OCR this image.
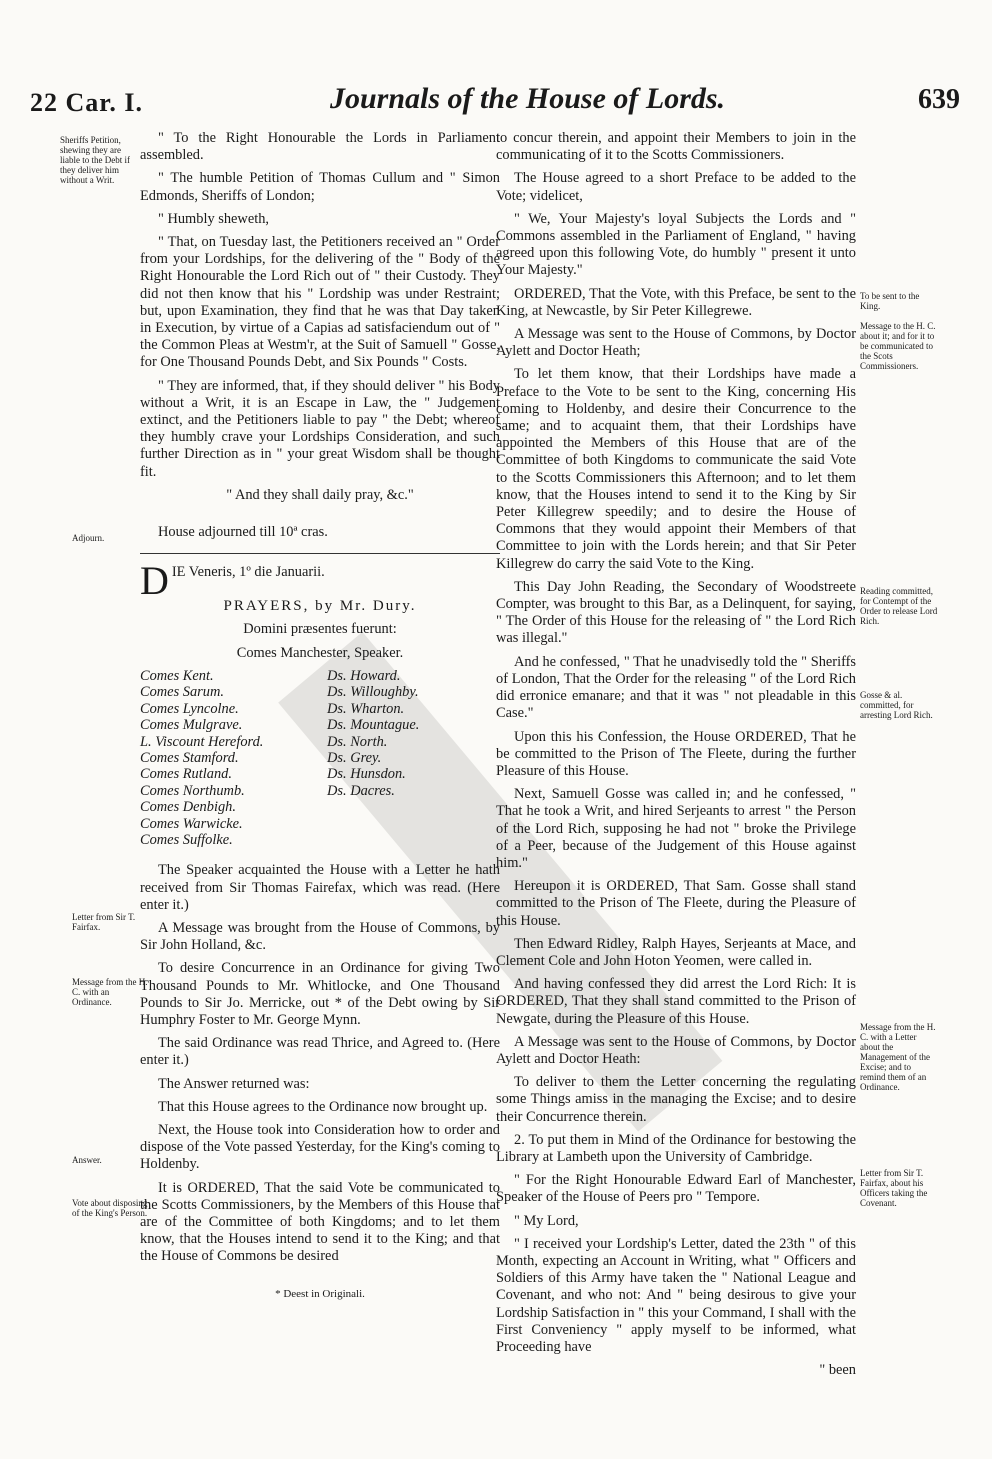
22 Car. I.	Journals of the House of Lords.	639
Sheriffs Petition, shewing they are liable to the Debt if they deliver him without a Writ.
Adjourn.
Letter from Sir T. Fairfax.
Message from the H. C. with an Ordinance.
Answer.
Vote about disposing of the King's Person.
To be sent to the King.
Message to the H. C. about it; and for it to be communicated to the Scots Commissioners.
Reading committed, for Contempt of the Order to release Lord Rich.
Gosse & al. committed, for arresting Lord Rich.
Message from the H. C. with a Letter about the Management of the Excise; and to remind them of an Ordinance.
Letter from Sir T. Fairfax, about his Officers taking the Covenant.

" To the Right Honourable the Lords in Parliament assembled.

" The humble Petition of Thomas Cullum and " Simon Edmonds, Sheriffs of London;

" Humbly sheweth,

" That, on Tuesday last, the Petitioners received an " Order from your Lordships, for the delivering of the " Body of the Right Honourable the Lord Rich out of " their Custody. They did not then know that his " Lordship was under Restraint; but, upon Examination, they find that he was that Day taken in Execution, by virtue of a Capias ad satisfaciendum out of " the Common Pleas at Westm'r, at the Suit of Samuell " Gosse, for One Thousand Pounds Debt, and Six Pounds " Costs.

" They are informed, that, if they should deliver " his Body without a Writ, it is an Escape in Law, the " Judgement extinct, and the Petitioners liable to pay " the Debt; whereof they humbly crave your Lordships Consideration, and such further Direction as in " your great Wisdom shall be thought fit.

" And they shall daily pray, &c."

House adjourned till 10ª cras.

DIE Veneris, 1º die Januarii.

PRAYERS, by Mr. Dury.

Domini præsentes fuerunt:

Comes Manchester, Speaker.

Comes Kent.
Comes Sarum.
Comes Lyncolne.
Comes Mulgrave.
L. Viscount Hereford.
Comes Stamford.
Comes Rutland.
Comes Northumb.
Comes Denbigh.
Comes Warwicke.
Comes Suffolke.
Ds. Howard.
Ds. Willoughby.
Ds. Wharton.
Ds. Mountague.
Ds. North.
Ds. Grey.
Ds. Hunsdon.
Ds. Dacres.

The Speaker acquainted the House with a Letter he hath received from Sir Thomas Fairefax, which was read. (Here enter it.)

A Message was brought from the House of Commons, by Sir John Holland, &c.

To desire Concurrence in an Ordinance for giving Two Thousand Pounds to Mr. Whitlocke, and One Thousand Pounds to Sir Jo. Merricke, out * of the Debt owing by Sir Humphry Foster to Mr. George Mynn.

The said Ordinance was read Thrice, and Agreed to. (Here enter it.)

The Answer returned was:

That this House agrees to the Ordinance now brought up.

Next, the House took into Consideration how to order and dispose of the Vote passed Yesterday, for the King's coming to Holdenby.

It is ORDERED, That the said Vote be communicated to the Scotts Commissioners, by the Members of this House that are of the Committee of both Kingdoms; and to let them know, that the Houses intend to send it to the King; and that the House of Commons be desired

* Deest in Originali.

to concur therein, and appoint their Members to join in the communicating of it to the Scotts Commissioners.

The House agreed to a short Preface to be added to the Vote; videlicet,

" We, Your Majesty's loyal Subjects the Lords and " Commons assembled in the Parliament of England, " having agreed upon this following Vote, do humbly " present it unto Your Majesty."

ORDERED, That the Vote, with this Preface, be sent to the King, at Newcastle, by Sir Peter Killegrewe.

A Message was sent to the House of Commons, by Doctor Aylett and Doctor Heath;

To let them know, that their Lordships have made a Preface to the Vote to be sent to the King, concerning His coming to Holdenby, and desire their Concurrence to the same; and to acquaint them, that their Lordships have appointed the Members of this House that are of the Committee of both Kingdoms to communicate the said Vote to the Scotts Commissioners this Afternoon; and to let them know, that the Houses intend to send it to the King by Sir Peter Killegrew speedily; and to desire the House of Commons that they would appoint their Members of that Committee to join with the Lords herein; and that Sir Peter Killegrew do carry the said Vote to the King.

This Day John Reading, the Secondary of Woodstreete Compter, was brought to this Bar, as a Delinquent, for saying, " The Order of this House for the releasing of " the Lord Rich was illegal."

And he confessed, " That he unadvisedly told the " Sheriffs of London, That the Order for the releasing " of the Lord Rich did erronice emanare; and that it was " not pleadable in this Case."

Upon this his Confession, the House ORDERED, That he be committed to the Prison of The Fleete, during the further Pleasure of this House.

Next, Samuell Gosse was called in; and he confessed, " That he took a Writ, and hired Serjeants to arrest " the Person of the Lord Rich, supposing he had not " broke the Privilege of a Peer, because of the Judgement of this House against him."

Hereupon it is ORDERED, That Sam. Gosse shall stand committed to the Prison of The Fleete, during the Pleasure of this House.

Then Edward Ridley, Ralph Hayes, Serjeants at Mace, and Clement Cole and John Hoton Yeomen, were called in.

And having confessed they did arrest the Lord Rich: It is ORDERED, That they shall stand committed to the Prison of Newgate, during the Pleasure of this House.

A Message was sent to the House of Commons, by Doctor Aylett and Doctor Heath:

To deliver to them the Letter concerning the regulating some Things amiss in the managing the Excise; and to desire their Concurrence therein.

2. To put them in Mind of the Ordinance for bestowing the Library at Lambeth upon the University of Cambridge.

" For the Right Honourable Edward Earl of Manchester, Speaker of the House of Peers pro " Tempore.

" My Lord,

" I received your Lordship's Letter, dated the 23th " of this Month, expecting an Account in Writing, what " Officers and Soldiers of this Army have taken the " National League and Covenant, and who not: And " being desirous to give your Lordship Satisfaction in " this your Command, I shall with the First Conveniency " apply myself to be informed, what Proceeding have

" been
